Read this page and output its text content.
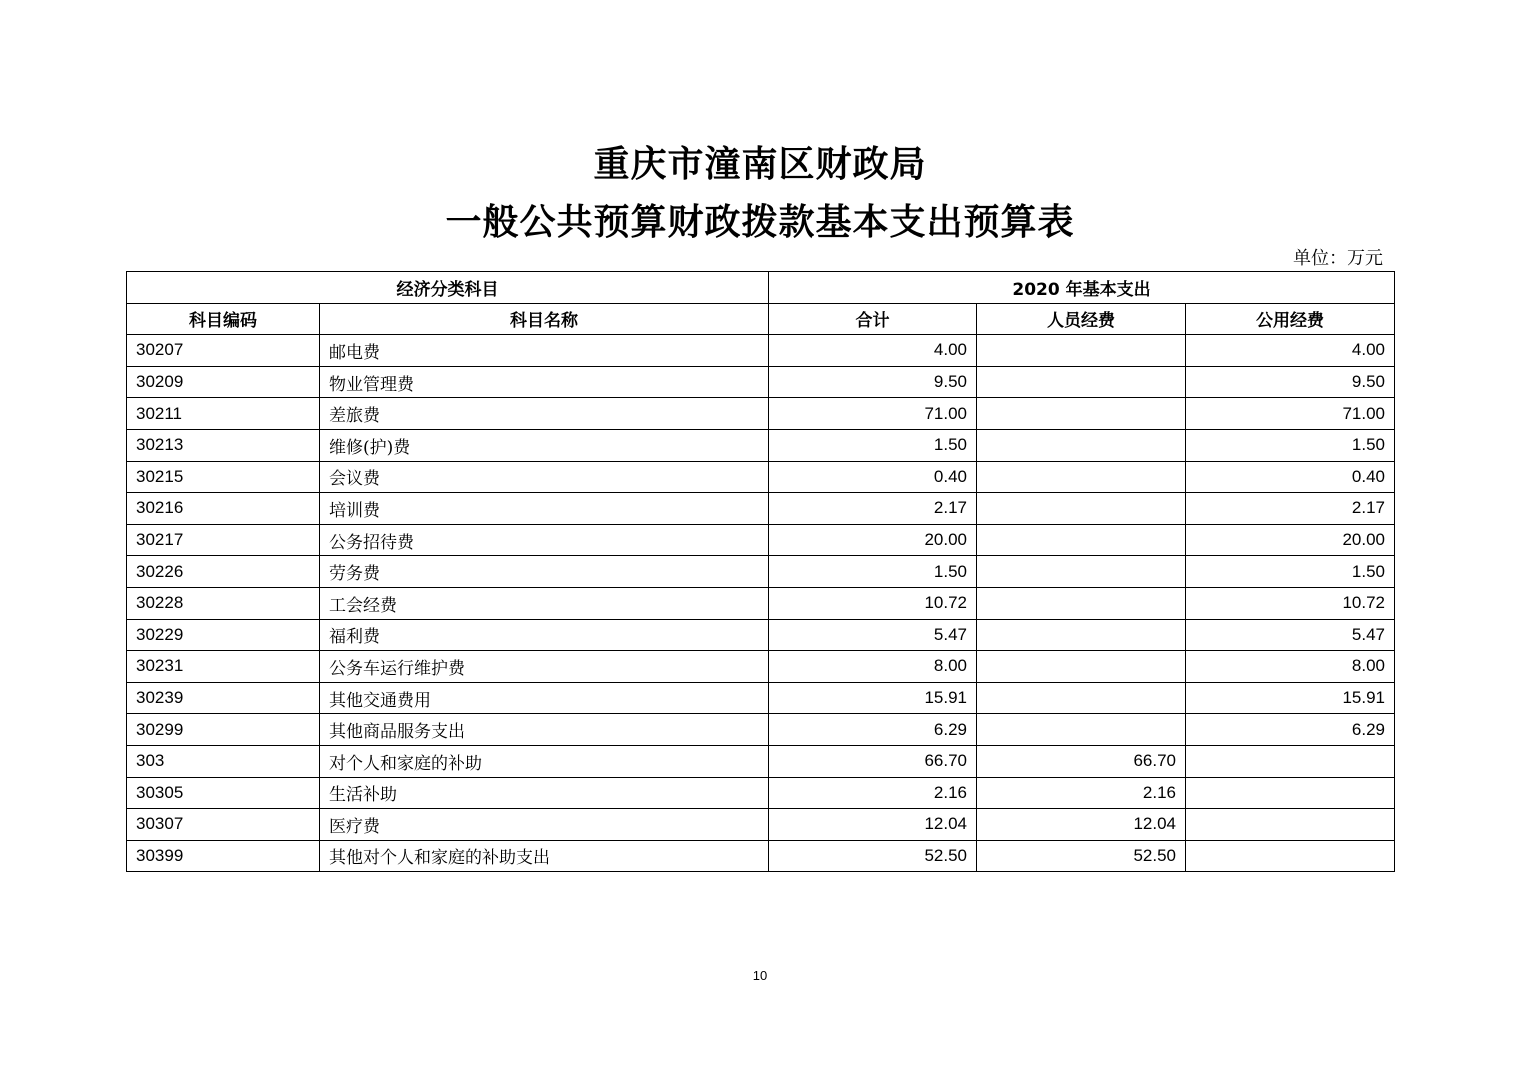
重庆市潼南区财政局
一般公共预算财政拨款基本支出预算表
单位：万元
经济分类科目		2020 年基本支出		
科目编码	科目名称	合计	人员经费	公用经费
30207	邮电费	4.00		4.00
30209	物业管理费	9.50		9.50
30211	差旅费	71.00		71.00
30213	维修(护)费	1.50		1.50
30215	会议费	0.40		0.40
30216	培训费	2.17		2.17
30217	公务招待费	20.00		20.00
30226	劳务费	1.50		1.50
30228	工会经费	10.72		10.72
30229	福利费	5.47		5.47
30231	公务车运行维护费	8.00		8.00
30239	其他交通费用	15.91		15.91
30299	其他商品服务支出	6.29		6.29
303	对个人和家庭的补助	66.70	66.70	
30305	生活补助	2.16	2.16	
30307	医疗费	12.04	12.04	
30399	其他对个人和家庭的补助支出	52.50	52.50	
10
